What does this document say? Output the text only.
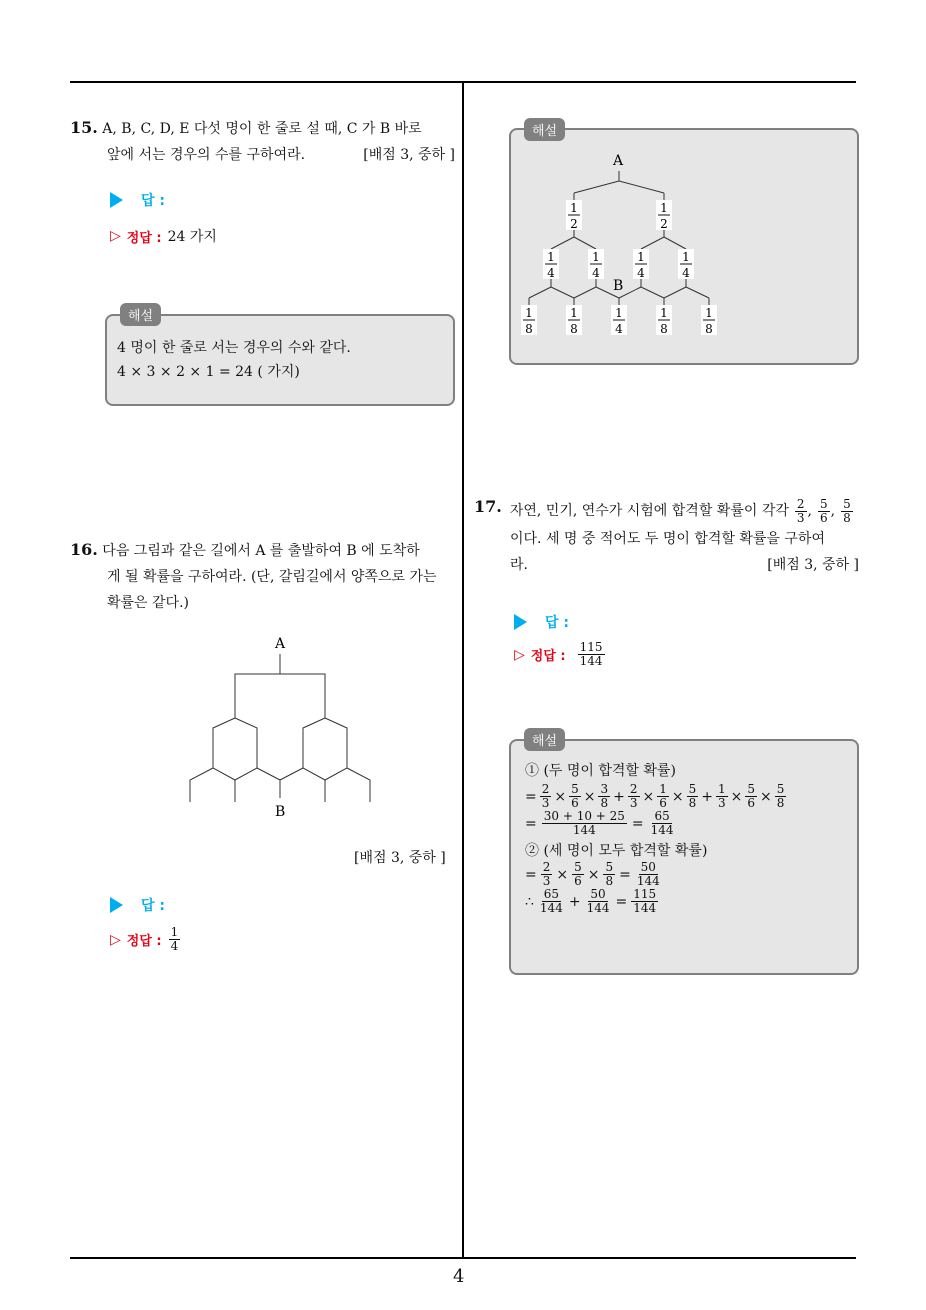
4
15. A, B, C, D, E 다섯 명이 한 줄로 설 때, C 가 B 바로
앞에 서는 경우의 수를 구하여라.	[배점 3, 중하 ]
답 :
▷ 정답 : 24 가지
4 명이 한 줄로 서는 경우의 수와 같다.
4 × 3 × 2 × 1 = 24 ( 가지)
해설
16. 다음 그림과 같은 길에서 A 를 출발하여 B 에 도착하
게 될 확률을 구하여라. (단, 갈림길에서 양쪽으로 가는
확률은 같다.)
A
B
[배점 3, 중하 ]
답 :
▷ 정답 : $\frac{1}{4}$
해설
A
B
1
2
1
2
1
4
1
4
1
4
1
4
1
8
1
8
1
4
1
8
1
8
17. 자연, 민기, 연수가 시험에 합격할 확률이 각각 $\frac{2}{3}$ , $\frac{5}{6}$ , $\frac{5}{8}$
이다. 세 명 중 적어도 두 명이 합격할 확률을 구하여
라.	[배점 3, 중하 ]
답 :
▷ 정답 : $\frac{115}{144}$
① (두 명이 합격할 확률)
= $\frac{2}{3} \times \frac{5}{6} \times \frac{3}{8} + \frac{2}{3} \times \frac{1}{6} \times \frac{5}{8} + \frac{1}{3} \times \frac{5}{6} \times \frac{5}{8}$
= $\frac{30 + 10 + 25}{144} = \frac{65}{144}$
② (세 명이 모두 합격할 확률)
= $\frac{2}{3} \times \frac{5}{6} \times \frac{5}{8} = \frac{50}{144}$
∴ $\frac{65}{144} + \frac{50}{144} = \frac{115}{144}$
해설
